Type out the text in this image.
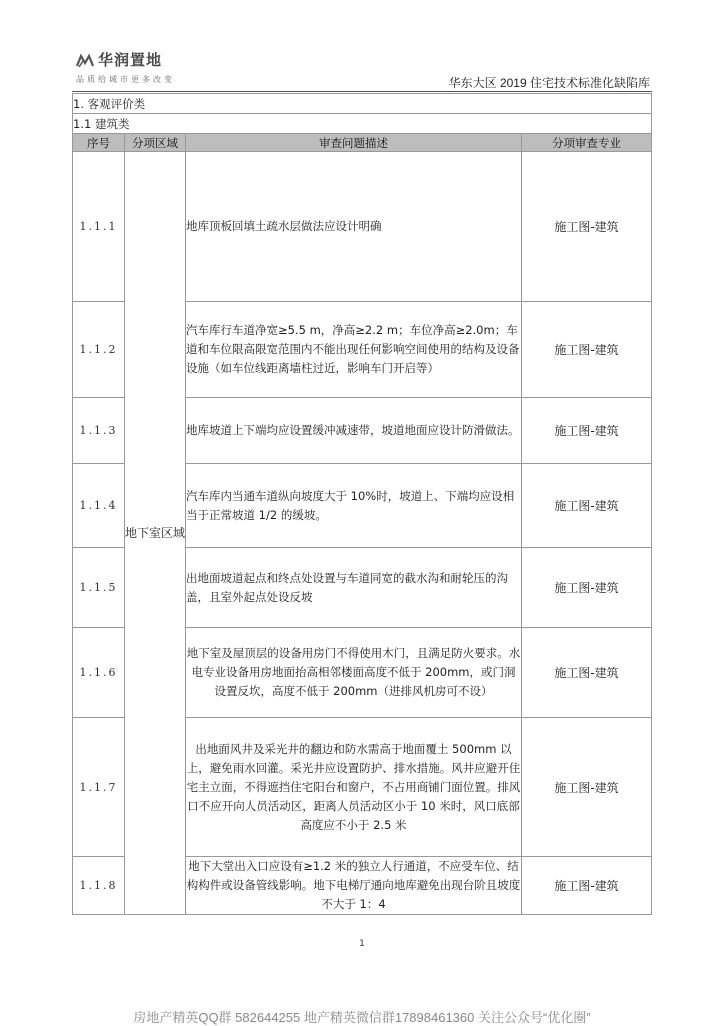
华润置地
品质给城市更多改变	华东大区 2019 住宅技术标准化缺陷库
1. 客观评价类			
1.1 建筑类			
序号	分项区域	审查问题描述	分项审查专业
1.1.1	地下室区域	地库顶板回填土疏水层做法应设计明确	施工图-建筑
1.1.2		汽车库行车道净宽≥5.5 m，净高≥2.2 m；车位净高≥2.0m；车道和车位限高限宽范围内不能出现任何影响空间使用的结构及设备设施（如车位线距离墙柱过近，影响车门开启等）	施工图-建筑
1.1.3		地库坡道上下端均应设置缓冲减速带，坡道地面应设计防滑做法。	施工图-建筑
1.1.4		汽车库内当通车道纵向坡度大于 10%时，坡道上、下端均应设相当于正常坡道 1/2 的缓坡。	施工图-建筑
1.1.5		出地面坡道起点和终点处设置与车道同宽的截水沟和耐轮压的沟盖，且室外起点处设反坡	施工图-建筑
1.1.6		地下室及屋顶层的设备用房门不得使用木门，且满足防火要求。水电专业设备用房地面抬高相邻楼面高度不低于 200mm，或门洞设置反坎，高度不低于 200mm（进排风机房可不设）	施工图-建筑
1.1.7		出地面风井及采光井的翻边和防水需高于地面覆土 500mm 以上，避免雨水回灌。采光井应设置防护、排水措施。风井应避开住宅主立面，不得遮挡住宅阳台和窗户，不占用商铺门面位置。排风口不应开向人员活动区，距离人员活动区小于 10 米时，风口底部高度应不小于 2.5 米	施工图-建筑
1.1.8		地下大堂出入口应设有≥1.2 米的独立人行通道，不应受车位、结构构件或设备管线影响。地下电梯厅通向地库避免出现台阶且坡度不大于 1：4	施工图-建筑
1
房地产精英QQ群 582644255 地产精英微信群17898461360 关注公众号“优化圈”
